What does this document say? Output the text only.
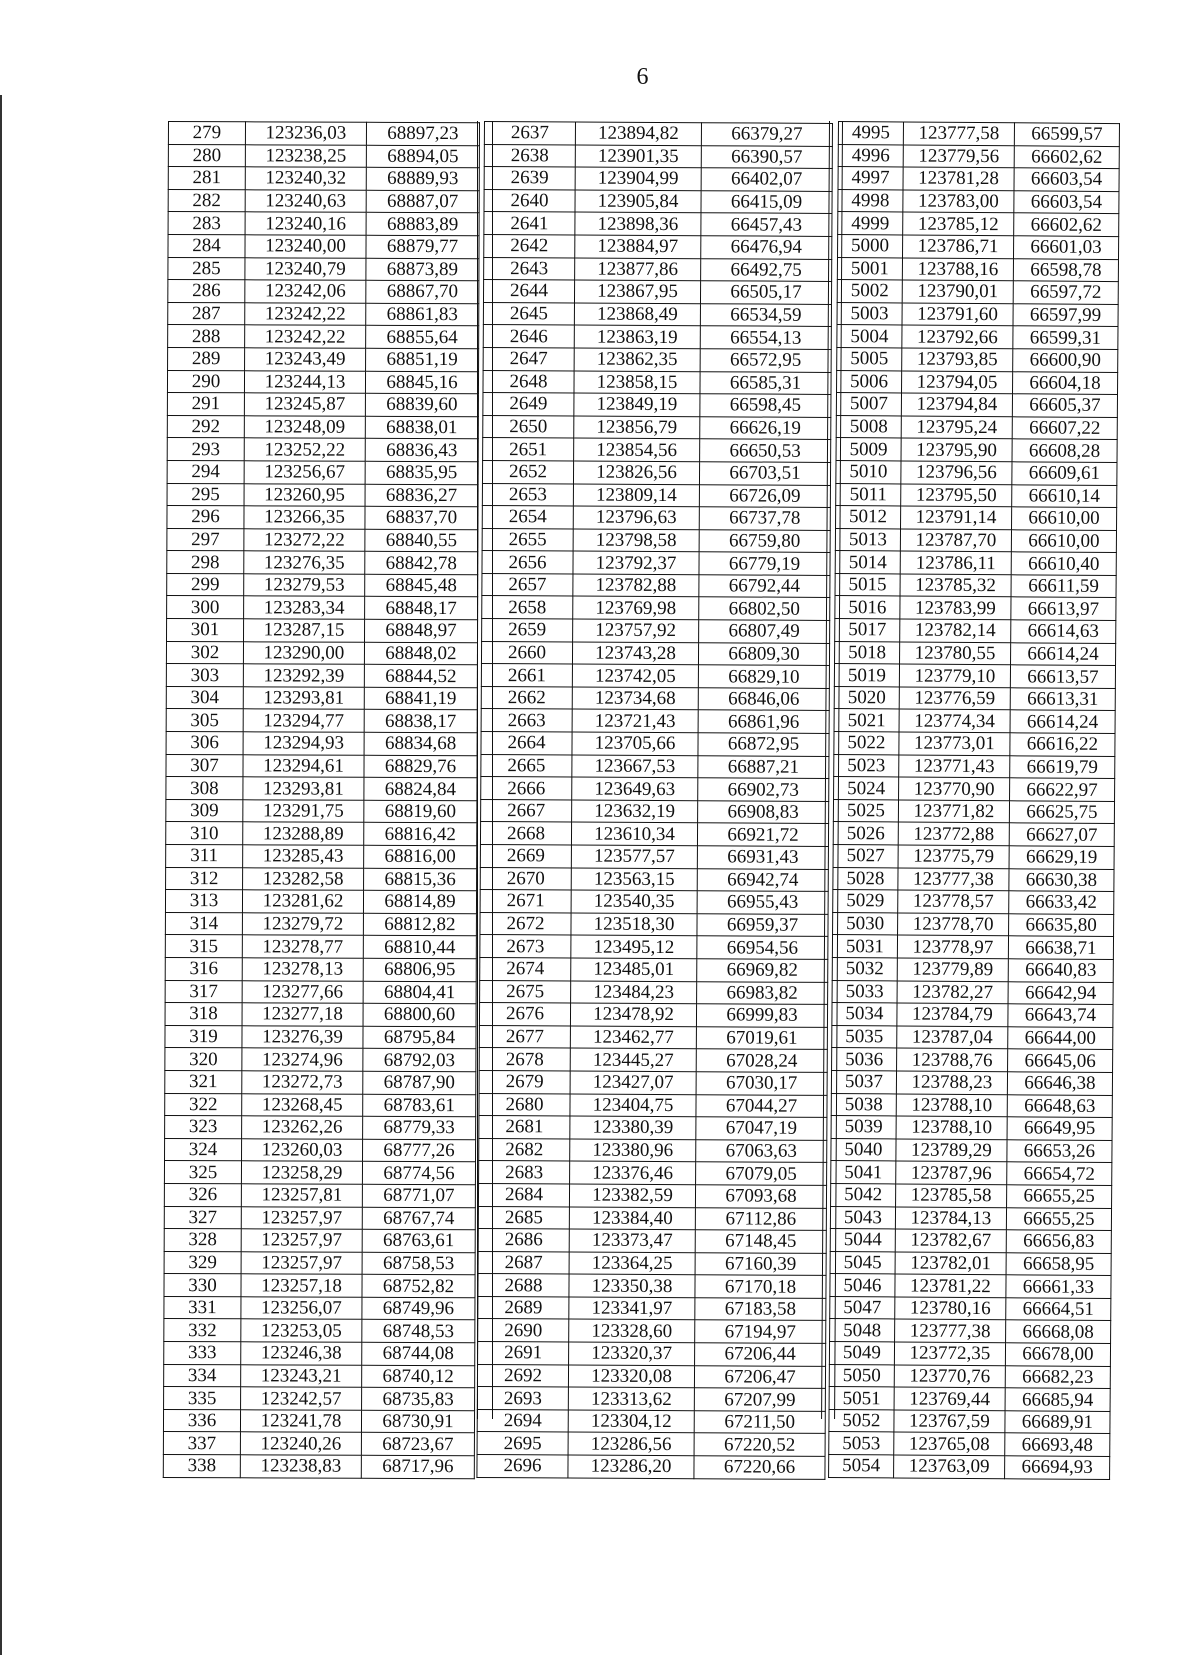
6
279	123236,03	68897,23
280	123238,25	68894,05
281	123240,32	68889,93
282	123240,63	68887,07
283	123240,16	68883,89
284	123240,00	68879,77
285	123240,79	68873,89
286	123242,06	68867,70
287	123242,22	68861,83
288	123242,22	68855,64
289	123243,49	68851,19
290	123244,13	68845,16
291	123245,87	68839,60
292	123248,09	68838,01
293	123252,22	68836,43
294	123256,67	68835,95
295	123260,95	68836,27
296	123266,35	68837,70
297	123272,22	68840,55
298	123276,35	68842,78
299	123279,53	68845,48
300	123283,34	68848,17
301	123287,15	68848,97
302	123290,00	68848,02
303	123292,39	68844,52
304	123293,81	68841,19
305	123294,77	68838,17
306	123294,93	68834,68
307	123294,61	68829,76
308	123293,81	68824,84
309	123291,75	68819,60
310	123288,89	68816,42
311	123285,43	68816,00
312	123282,58	68815,36
313	123281,62	68814,89
314	123279,72	68812,82
315	123278,77	68810,44
316	123278,13	68806,95
317	123277,66	68804,41
318	123277,18	68800,60
319	123276,39	68795,84
320	123274,96	68792,03
321	123272,73	68787,90
322	123268,45	68783,61
323	123262,26	68779,33
324	123260,03	68777,26
325	123258,29	68774,56
326	123257,81	68771,07
327	123257,97	68767,74
328	123257,97	68763,61
329	123257,97	68758,53
330	123257,18	68752,82
331	123256,07	68749,96
332	123253,05	68748,53
333	123246,38	68744,08
334	123243,21	68740,12
335	123242,57	68735,83
336	123241,78	68730,91
337	123240,26	68723,67
338	123238,83	68717,96
2637	123894,82	66379,27
2638	123901,35	66390,57
2639	123904,99	66402,07
2640	123905,84	66415,09
2641	123898,36	66457,43
2642	123884,97	66476,94
2643	123877,86	66492,75
2644	123867,95	66505,17
2645	123868,49	66534,59
2646	123863,19	66554,13
2647	123862,35	66572,95
2648	123858,15	66585,31
2649	123849,19	66598,45
2650	123856,79	66626,19
2651	123854,56	66650,53
2652	123826,56	66703,51
2653	123809,14	66726,09
2654	123796,63	66737,78
2655	123798,58	66759,80
2656	123792,37	66779,19
2657	123782,88	66792,44
2658	123769,98	66802,50
2659	123757,92	66807,49
2660	123743,28	66809,30
2661	123742,05	66829,10
2662	123734,68	66846,06
2663	123721,43	66861,96
2664	123705,66	66872,95
2665	123667,53	66887,21
2666	123649,63	66902,73
2667	123632,19	66908,83
2668	123610,34	66921,72
2669	123577,57	66931,43
2670	123563,15	66942,74
2671	123540,35	66955,43
2672	123518,30	66959,37
2673	123495,12	66954,56
2674	123485,01	66969,82
2675	123484,23	66983,82
2676	123478,92	66999,83
2677	123462,77	67019,61
2678	123445,27	67028,24
2679	123427,07	67030,17
2680	123404,75	67044,27
2681	123380,39	67047,19
2682	123380,96	67063,63
2683	123376,46	67079,05
2684	123382,59	67093,68
2685	123384,40	67112,86
2686	123373,47	67148,45
2687	123364,25	67160,39
2688	123350,38	67170,18
2689	123341,97	67183,58
2690	123328,60	67194,97
2691	123320,37	67206,44
2692	123320,08	67206,47
2693	123313,62	67207,99
2694	123304,12	67211,50
2695	123286,56	67220,52
2696	123286,20	67220,66
4995	123777,58	66599,57
4996	123779,56	66602,62
4997	123781,28	66603,54
4998	123783,00	66603,54
4999	123785,12	66602,62
5000	123786,71	66601,03
5001	123788,16	66598,78
5002	123790,01	66597,72
5003	123791,60	66597,99
5004	123792,66	66599,31
5005	123793,85	66600,90
5006	123794,05	66604,18
5007	123794,84	66605,37
5008	123795,24	66607,22
5009	123795,90	66608,28
5010	123796,56	66609,61
5011	123795,50	66610,14
5012	123791,14	66610,00
5013	123787,70	66610,00
5014	123786,11	66610,40
5015	123785,32	66611,59
5016	123783,99	66613,97
5017	123782,14	66614,63
5018	123780,55	66614,24
5019	123779,10	66613,57
5020	123776,59	66613,31
5021	123774,34	66614,24
5022	123773,01	66616,22
5023	123771,43	66619,79
5024	123770,90	66622,97
5025	123771,82	66625,75
5026	123772,88	66627,07
5027	123775,79	66629,19
5028	123777,38	66630,38
5029	123778,57	66633,42
5030	123778,70	66635,80
5031	123778,97	66638,71
5032	123779,89	66640,83
5033	123782,27	66642,94
5034	123784,79	66643,74
5035	123787,04	66644,00
5036	123788,76	66645,06
5037	123788,23	66646,38
5038	123788,10	66648,63
5039	123788,10	66649,95
5040	123789,29	66653,26
5041	123787,96	66654,72
5042	123785,58	66655,25
5043	123784,13	66655,25
5044	123782,67	66656,83
5045	123782,01	66658,95
5046	123781,22	66661,33
5047	123780,16	66664,51
5048	123777,38	66668,08
5049	123772,35	66678,00
5050	123770,76	66682,23
5051	123769,44	66685,94
5052	123767,59	66689,91
5053	123765,08	66693,48
5054	123763,09	66694,93
